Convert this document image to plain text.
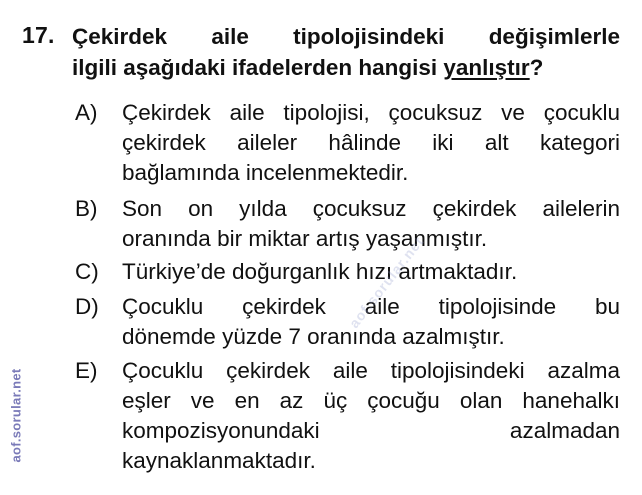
17. Çekirdek aile tipolojisindeki değişimlerle
ilgili aşağıdaki ifadelerden hangisi yanlıştır?
A) Çekirdek aile tipolojisi, çocuksuz ve çocuklu
çekirdek aileler hâlinde iki alt kategori
bağlamında incelenmektedir.
B) Son on yılda çocuksuz çekirdek ailelerin
oranında bir miktar artış yaşanmıştır.
C) Türkiye’de doğurganlık hızı artmaktadır.
D) Çocuklu çekirdek aile tipolojisinde bu
dönemde yüzde 7 oranında azalmıştır.
E) Çocuklu çekirdek aile tipolojisindeki azalma
eşler ve en az üç çocuğu olan hanehalkı
kompozisyonundaki azalmadan
kaynaklanmaktadır.
aof.sorular.net
aof.sorular.net
